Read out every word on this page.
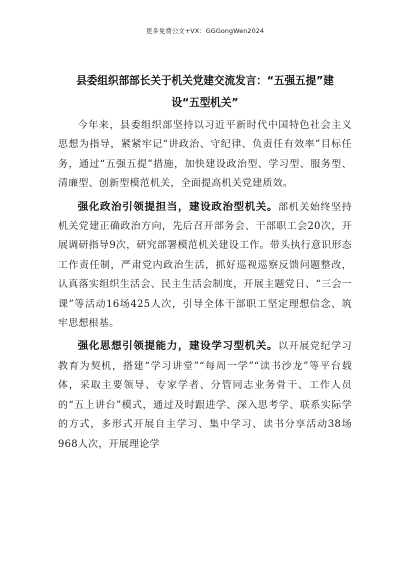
更多免费公文+VX：GGGongWen2024
县委组织部部长关于机关党建交流发言：“五强五提”建
设“五型机关”

今年来，县委组织部坚持以习近平新时代中国特色社会主义思想为指导，紧紧牢记“讲政治、守纪律、负责任有效率”目标任务，通过“五强五提”措施，加快建设政治型、学习型、服务型、清廉型、创新型模范机关，全面提高机关党建质效。

强化政治引领提担当，建设政治型机关。部机关始终坚持机关党建正确政治方向，先后召开部务会、干部职工会20次，开展调研指导9次，研究部署模范机关建设工作。带头执行意识形态工作责任制，严肃党内政治生活，抓好巡视巡察反馈问题整改，认真落实组织生活会、民主生活会制度，开展主题党日、“三会一课”等活动16场425人次，引导全体干部职工坚定理想信念、筑牢思想根基。

强化思想引领提能力，建设学习型机关。以开展党纪学习教育为契机，搭建“学习讲堂”“每周一学”“读书沙龙”等平台载体，采取主要领导、专家学者、分管同志业务骨干、工作人员的“五上讲台”模式，通过及时跟进学、深入思考学、联系实际学的方式，多形式开展自主学习、集中学习、读书分享活动38场968人次，开展理论学
